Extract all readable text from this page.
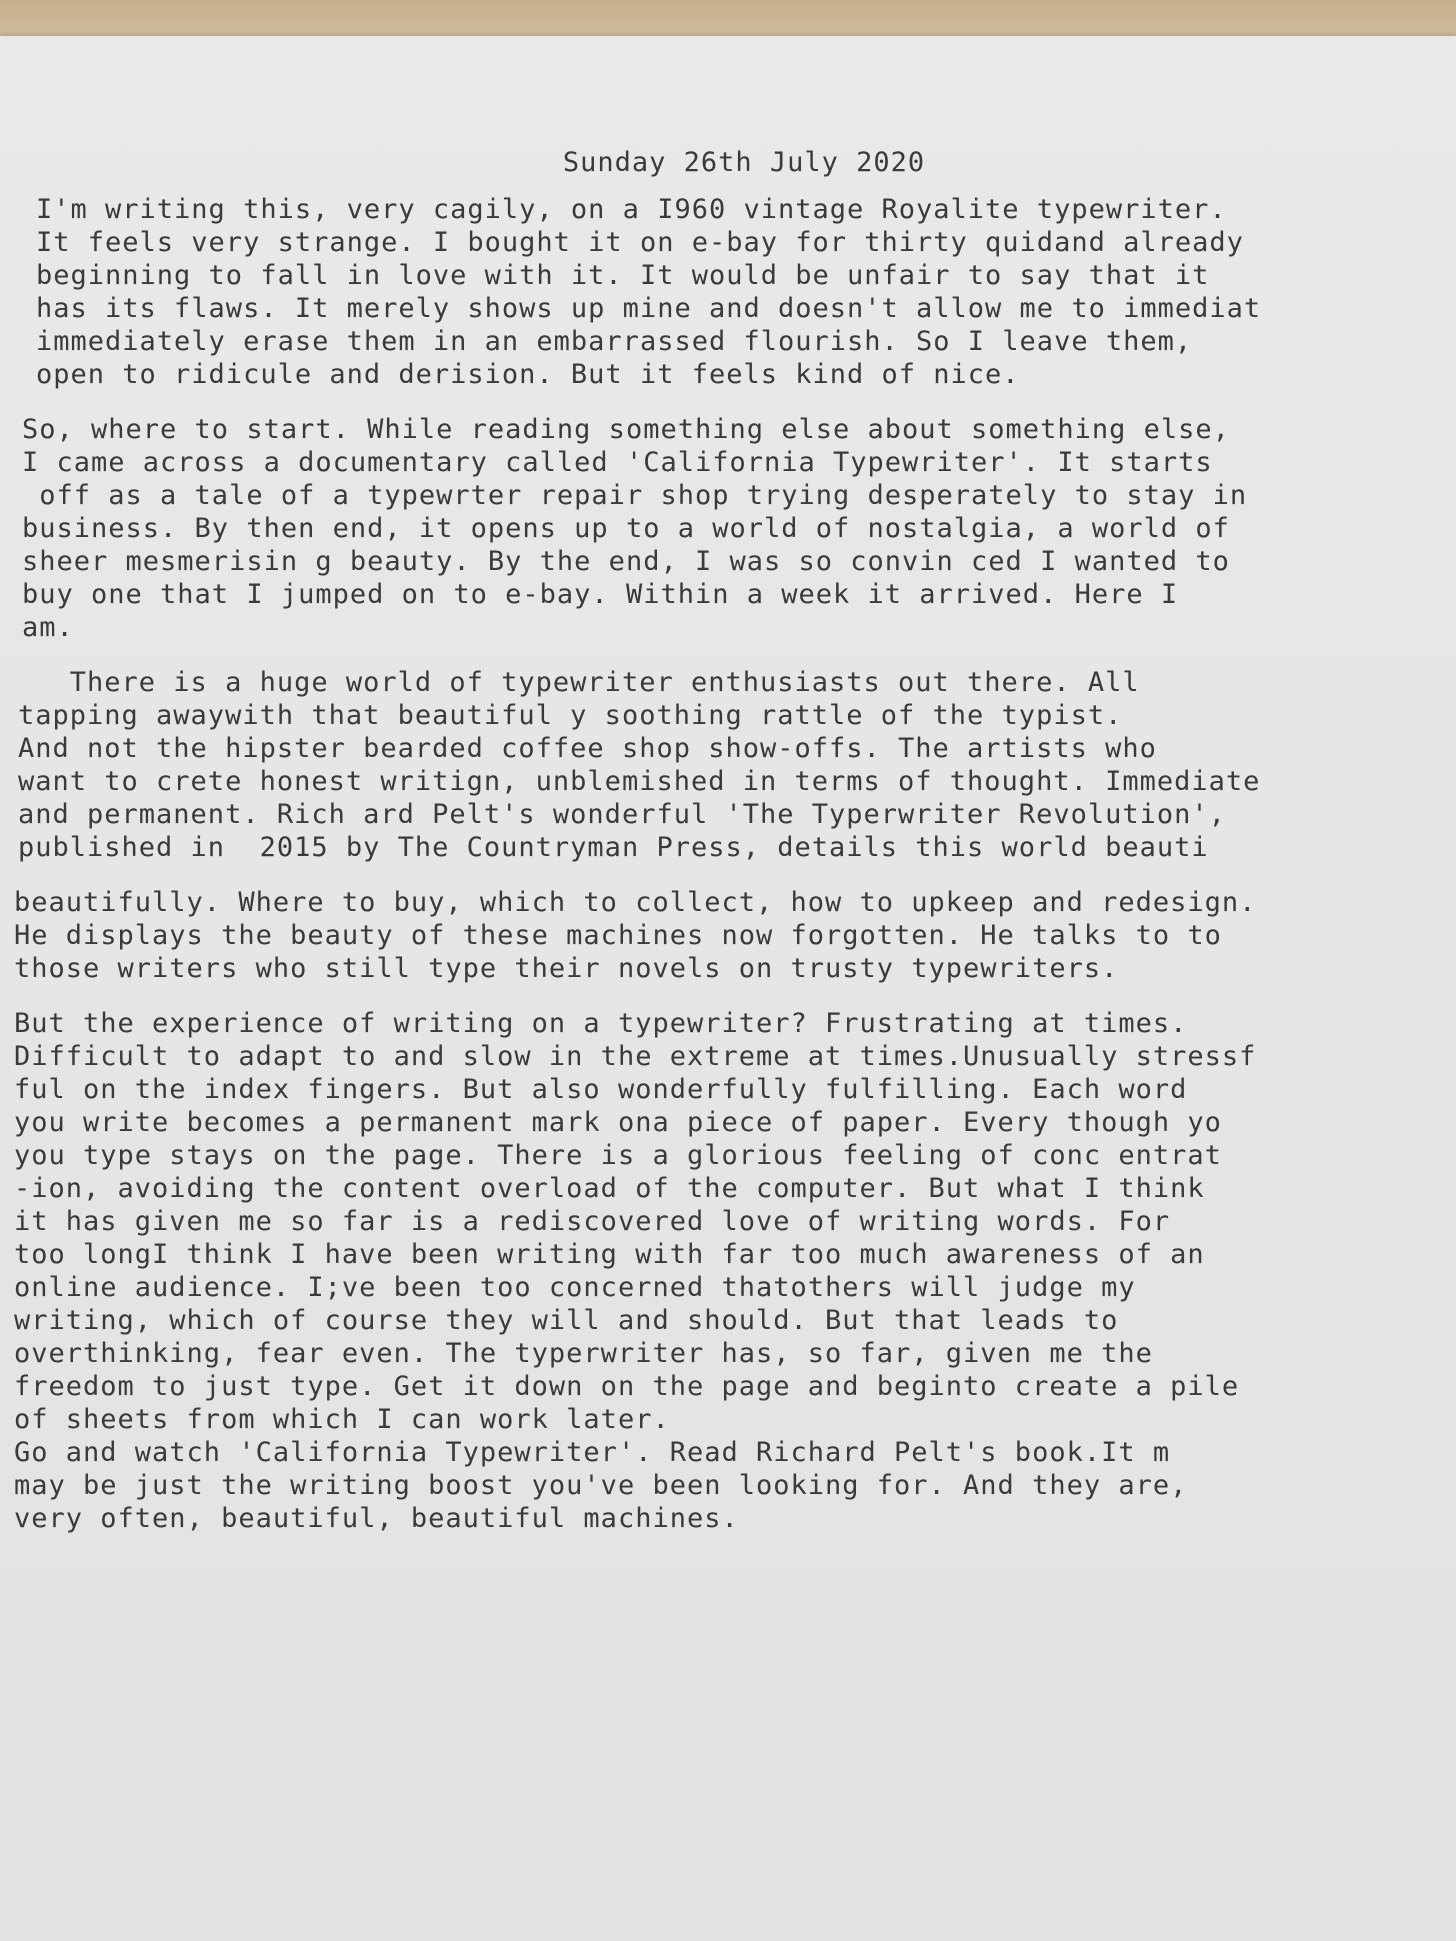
Sunday 26th July 2020
I'm writing this, very cagily, on a I960 vintage Royalite typewriter.
It feels very strange. I bought it on e-bay for thirty quidand already
beginning to fall in love with it. It would be unfair to say that it
has its flaws. It merely shows up mine and doesn't allow me to immediat
immediately erase them in an embarrassed flourish. So I leave them,
open to ridicule and derision. But it feels kind of nice.
So, where to start. While reading something else about something else,
I came across a documentary called 'California Typewriter'. It starts
off as a tale of a typewrter repair shop trying desperately to stay in
business. By then end, it opens up to a world of nostalgia, a world of
sheer mesmerisin g beauty. By the end, I was so convin ced I wanted to
buy one that I jumped on to e-bay. Within a week it arrived. Here I
am.
There is a huge world of typewriter enthusiasts out there. All
tapping awaywith that beautiful y soothing rattle of the typist.
And not the hipster bearded coffee shop show-offs. The artists who
want to crete honest writign, unblemished in terms of thought. Immediate
and permanent. Rich ard Pelt's wonderful 'The Typerwriter Revolution',
published in  2015 by The Countryman Press, details this world beauti
beautifully. Where to buy, which to collect, how to upkeep and redesign.
He displays the beauty of these machines now forgotten. He talks to to
those writers who still type their novels on trusty typewriters.
But the experience of writing on a typewriter? Frustrating at times.
Difficult to adapt to and slow in the extreme at times.Unusually stressf
ful on the index fingers. But also wonderfully fulfilling. Each word
you write becomes a permanent mark ona piece of paper. Every though yo
you type stays on the page. There is a glorious feeling of conc entrat
-ion, avoiding the content overload of the computer. But what I think
it has given me so far is a rediscovered love of writing words. For
too longI think I have been writing with far too much awareness of an
online audience. I;ve been too concerned thatothers will judge my
writing, which of course they will and should. But that leads to
overthinking, fear even. The typerwriter has, so far, given me the
freedom to just type. Get it down on the page and beginto create a pile
of sheets from which I can work later.
Go and watch 'California Typewriter'. Read Richard Pelt's book.It m
may be just the writing boost you've been looking for. And they are,
very often, beautiful, beautiful machines.
